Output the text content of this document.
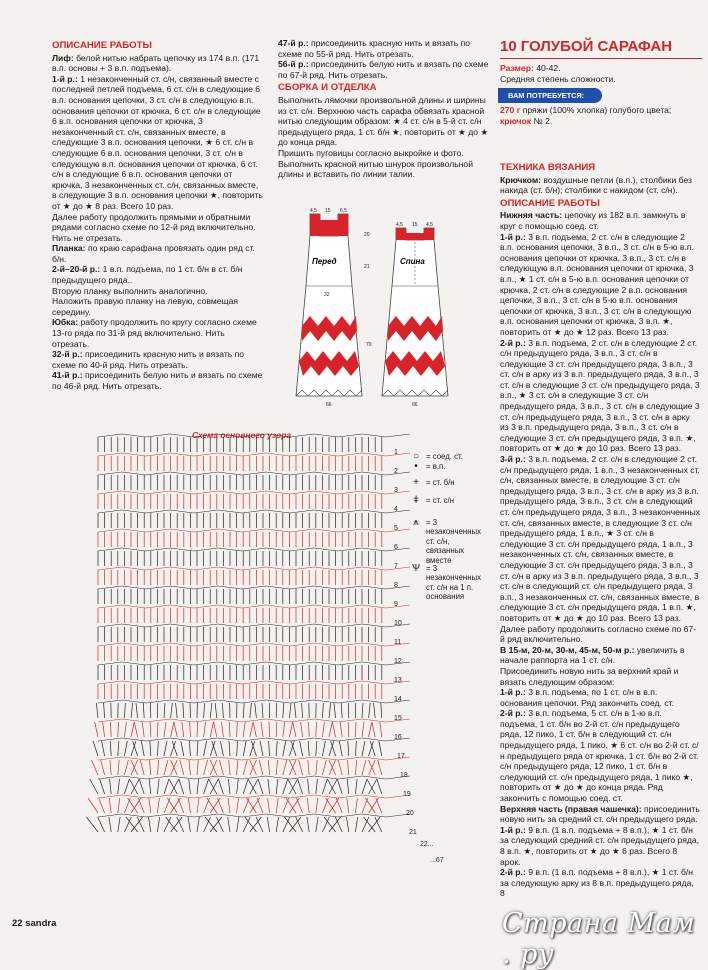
ОПИСАНИЕ РАБОТЫ

Лиф: белой нитью набрать цепочку из 174 в.п. (171 в.п. основы + 3 в.п. подъема).

1-й р.: 1 незаконченный ст. с/н, связанный вместе с последней петлей подъема, 6 ст. с/н в следующие 6 в.п. основания цепочки, 3 ст. с/н в следующую в.п. основания цепочки от крючка, 6 ст. с/н в следующие 6 в.п. основания цепочки от крючка, 3 незаконченный ст. с/н, связанных вместе, в следующие 3 в.п. основания цепочки, ★ 6 ст. с/н в следующие 6 в.п. основания цепочки, 3 ст. с/н в следующую в.п. основания цепочки от крючка, 6 ст. с/н в следующие 6 в.п. основания цепочки от крючка, 3 незаконченных ст. с/н, связанных вместе, в следующие 3 в.п. основания цепочки ★, повторить от ★ до ★ 8 раз. Всего 10 раз.

Далее работу продолжить прямыми и обратными рядами согласно схеме по 12-й ряд включительно. Нить не отрезать.

Планка: по краю сарафана провязать один ряд ст. б/н.

2-й–20-й р.: 1 в.п. подъема, по 1 ст. б/н в ст. б/н предыдущего ряда..

Вторую планку выполнить аналогично.

Наложить правую планку на левую, совмещая середину.

Юбка: работу продолжить по кругу согласно схеме 13-го ряда по 31-й ряд включительно. Нить отрезать.

32-й р.: присоединить красную нить и вязать по схеме по 40-й ряд. Нить отрезать.

41-й р.: присоединить белую нить и вязать по схеме по 46-й ряд. Нить отрезать.

47-й р.: присоединить красную нить и вязать по схеме по 55-й ряд. Нить отрезать.

56-й р.: присоединить белую нить и вязать по схеме по 67-й ряд. Нить отрезать.

СБОРКА И ОТДЕЛКА

Выполнить лямочки произвольной длины и ширины из ст. с/н. Верхнюю часть сарафа обвязать красной нитью следующим образом: ★ 4 ст. с/н в 5-й ст. с/н предыдущего ряда, 1 ст. б/н ★, повторить от ★ до ★ до конца ряда.

Пришить пуговицы согласно выкройке и фото. Выполнить красной нитью шнурок произвольной длины и вставить по линии талии.

Перед	Спина
4,5 15 6,5
4,5 15 4,5
20
21
32
70
66	66
10 ГОЛУБОЙ САРАФАН

Размер: 40-42.

Средняя степень сложности.

ВАМ ПОТРЕБУЕТСЯ:

270 г пряжи (100% хлопка) голубого цвета;

крючок № 2.

ТЕХНИКА ВЯЗАНИЯ

Крючком: воздушные петли (в.п.), столбики без накида (ст. б/н); столбики с накидом (ст. с/н).

ОПИСАНИЕ РАБОТЫ

Нижняя часть: цепочку из 182 в.п. замкнуть в круг с помощью соед. ст.

1-й р.: 3 в.п. подъема, 2 ст. с/н в следующие 2 в.п. основания цепочки, 3 в.п., 3 ст. с/н в 5-ю в.п. основания цепочки от крючка, 3 в.п., 3 ст. с/н в следующую в.п. основания цепочки от крючка, 3 в.п., ★ 1 ст. с/н в 5-ю в.п. основания цепочки от крючка, 2 ст. с/н в следующие 2 в.п. основания цепочки, 3 в.п., 3 ст. с/н в 5-ю в.п. основания цепочки от крючка, 3 в.п., 3 ст. с/н в следующую в.п. основания цепочки от крючка, 3 в.п. ★, повторить от ★ до ★ 12 раз. Всего 13 раз.

2-й р.: 3 в.п. подъема, 2 ст. с/н в следующие 2 ст. с/н предыдущего ряда, 3 в.п., 3 ст. с/н в следующие 3 ст. с/н предыдущего ряда, 3 в.п., 3 ст. с/н в арку из 3 в.п. предыдущего ряда, 3 в.п., 3 ст. с/н в следующие 3 ст. с/н предыдущего ряда, 3 в.п., ★ 3 ст. с/н в следующие 3 ст. с/н предыдущего ряда, 3 в.п., 3 ст. с/н в следующие 3 ст. с/н предыдущего ряда, 3 в.п., 3 ст. с/н в арку из 3 в.п. предыдущего ряда, 3 в.п., 3 ст. с/н в следующие 3 ст. с/н предыдущего ряда, 3 в.п. ★, повторить от ★ до ★ до 10 раз. Всего 13 раз.

3-й р.: 3 в.п. подъема, 2 ст. с/н в следующие 2 ст. с/н предыдущего ряда, 1 в.п., 3 незаконченных ст. с/н, связанных вместе, в следующие 3 ст. с/н предыдущего ряда, 3 в.п., 3 ст. с/н в арку из 3 в.п. предыдущего ряда, 3 в.п., 3 ст. с/н в следующий ст. с/н предыдущего ряда, 3 в.п., 3 незаконченных ст. с/н, связанных вместе, в следующие 3 ст. с/н предыдущего ряда, 1 в.п., ★ 3 ст. с/н в следующие 3 ст. с/н предыдущего ряда, 1 в.п., 3 незаконченных ст. с/н, связанных вместе, в следующие 3 ст. с/н предыдущего ряда, 3 в.п., 3 ст. с/н в арку из 3 в.п. предыдущего ряда, 3 в.п., 3 ст. с/н в следующий ст. с/н предыдущего ряда, 3 в.п., 3 незаконченных ст. с/н, связанных вместе, в следующие 3 ст. с/н предыдущего ряда, 1 в.п. ★, повторить от ★ до ★ до 10 раз. Всего 13 раз.

Далее работу продолжить согласно схеме по 67-й ряд включительно.

В 15-м, 20-м, 30-м, 45-м, 50-м р.: увеличить в начале раппорта на 1 ст. с/н.

Присоединить новую нить за верхний край и вязать следующим образом:

1-й р.: 3 в.п. подъема, по 1 ст. с/н в в.п. основания цепочки. Ряд закончить соед. ст.

2-й р.: 3 в.п. подъема, 5 ст. с/н в 1-ю в.п. подъема, 1 ст. б/н во 2-й ст. с/н предыдущего ряда, 12 пико, 1 ст. б/н в следующий ст. с/н предыдущего ряда, 1 пико, ★ 6 ст. с/н во 2-й ст. с/н предыдущего ряда от крючка, 1 ст. б/н во 2-й ст. с/н предыдущего ряда, 12 пико, 1 ст. б/н в следующий ст. с/н предыдущего ряда, 1 пико ★, повторить от ★ до ★ до конца ряда. Ряд закончить с помощью соед. ст.

Верхняя часть (правая чашечка): присоединить новую нить за средний ст. с/н предыдущего ряда.

1-й р.: 9 в.п. (1 в.п. подъема + 8 в.п.), ★ 1 ст. б/н за следующий средний ст. с/н предыдущего ряда, 8 в.п. ★, повторить от ★ до ★ 6 раз. Всего 8 арок.

2-й р.: 9 в.п. (1 в.п. подъема + 8 в.п.), ★ 1 ст. б/н за следующую арку из 8 в.п. предыдущего ряда, 8

Схема основного узора
1
2
3
4
5
6
7
8
9
10
11
12
13
14
15
16
17
18
19
20
21
22...
...67
○ = соед. ст.
•	= в.п.
+ = ст. б/н
ǂ = ст. с/н
⩚ = 3 незаконченных ст. с/н, связанных вместе
Ѱ = 3 незаконченных ст. с/н на 1 п. основания
22 sandra	Страна Мам . ру
